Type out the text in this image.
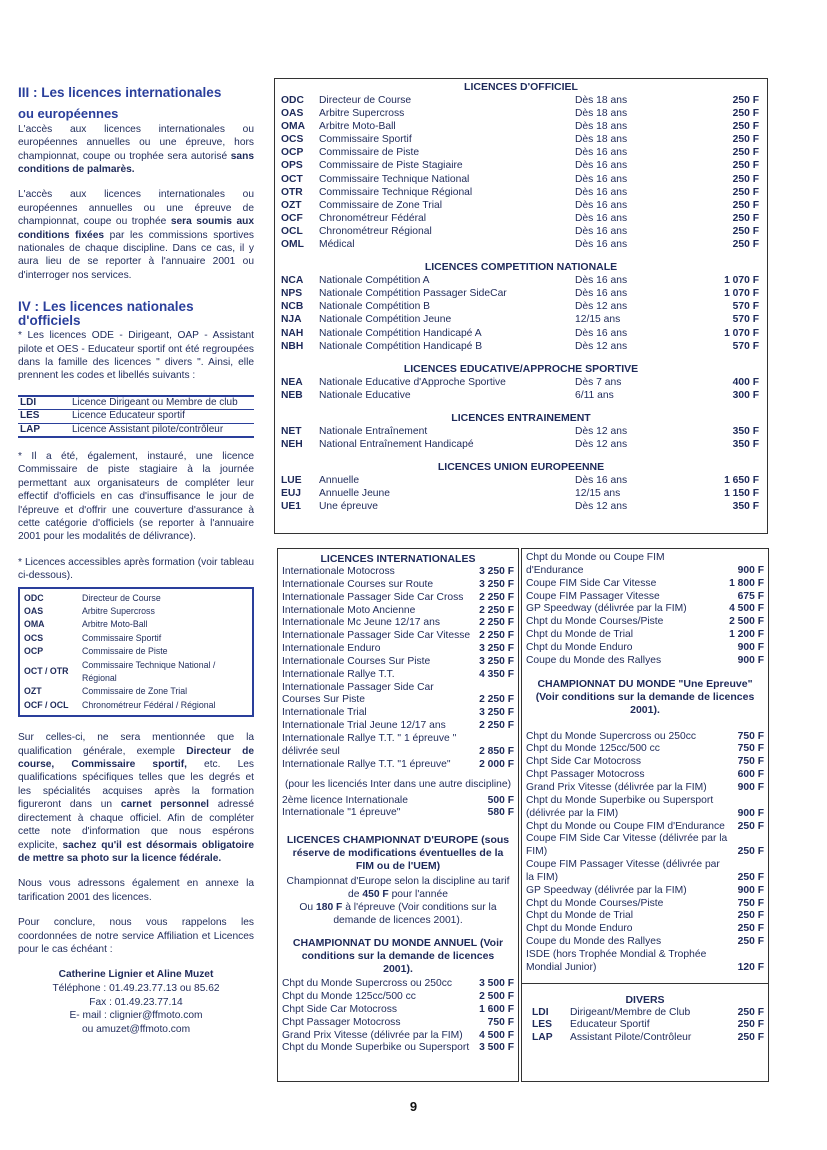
III : Les licences internationales
ou européennes

L'accès aux licences internationales ou européennes annuelles ou une épreuve, hors championnat, coupe ou trophée sera autorisé sans conditions de palmarès.

L'accès aux licences internationales ou européennes annuelles ou une épreuve de championnat, coupe ou trophée sera soumis aux conditions fixées par les commissions sportives nationales de chaque discipline. Dans ce cas, il y aura lieu de se reporter à l'annuaire 2001 ou d'interroger nos services.

IV : Les licences nationales d'officiels

* Les licences ODE - Dirigeant, OAP - Assistant pilote et OES - Educateur sportif ont été regroupées dans la famille des licences " divers ". Ainsi, elle prennent les codes et libellés suivants :

LDI	Licence Dirigeant ou Membre de club
LES	Licence Educateur sportif
LAP	Licence Assistant pilote/contrôleur

* Il a été, également, instauré, une licence Commissaire de piste stagiaire à la journée permettant aux organisateurs de compléter leur effectif d'officiels en cas d'insuffisance le jour de l'épreuve et d'offrir une couverture d'assurance à cette catégorie d'officiels (se reporter à l'annuaire 2001 pour les modalités de délivrance).

* Licences accessibles après formation (voir tableau ci-dessous).

ODC	Directeur de Course
OAS	Arbitre Supercross
OMA	Arbitre Moto-Ball
OCS	Commissaire Sportif
OCP	Commissaire de Piste
OCT / OTR	Commissaire Technique National / Régional
OZT	Commissaire de Zone Trial
OCF / OCL	Chronométreur Fédéral / Régional

Sur celles-ci, ne sera mentionnée que la qualification générale, exemple Directeur de course, Commissaire sportif, etc. Les qualifications spécifiques telles que les degrés et les spécialités acquises après la formation figureront dans un carnet personnel adressé directement à chaque officiel. Afin de compléter cette note d'information que nous espérons explicite, sachez qu'il est désormais obligatoire de mettre sa photo sur la licence fédérale.

Nous vous adressons également en annexe la tarification 2001 des licences.

Pour conclure, nous vous rappelons les coordonnées de notre service Affiliation et Licences pour le cas échéant :

Catherine Lignier et Aline Muzet
Téléphone : 01.49.23.77.13 ou 85.62
Fax : 01.49.23.77.14
E- mail : clignier@ffmoto.com
ou amuzet@ffmoto.com
LICENCES D'OFFICIEL
ODC	Directeur de Course	Dès 18 ans	250 F
OAS	Arbitre Supercross	Dès 18 ans	250 F
OMA	Arbitre Moto-Ball	Dès 18 ans	250 F
OCS	Commissaire Sportif	Dès 18 ans	250 F
OCP	Commissaire de Piste	Dès 16 ans	250 F
OPS	Commissaire de Piste Stagiaire	Dès 16 ans	250 F
OCT	Commissaire Technique National	Dès 16 ans	250 F
OTR	Commissaire Technique Régional	Dès 16 ans	250 F
OZT	Commissaire de Zone Trial	Dès 16 ans	250 F
OCF	Chronométreur Fédéral	Dès 16 ans	250 F
OCL	Chronométreur Régional	Dès 16 ans	250 F
OML	Médical	Dès 16 ans	250 F
LICENCES COMPETITION NATIONALE
NCA	Nationale Compétition A	Dès 16 ans	1 070 F
NPS	Nationale Compétition Passager SideCar	Dès 16 ans	1 070 F
NCB	Nationale Compétition B	Dès 12 ans	570 F
NJA	Nationale Compétition Jeune	12/15 ans	570 F
NAH	Nationale Compétition Handicapé A	Dès 16 ans	1 070 F
NBH	Nationale Compétition Handicapé B	Dès 12 ans	570 F
LICENCES EDUCATIVE/APPROCHE SPORTIVE
NEA	Nationale Educative d'Approche Sportive	Dès 7 ans	400 F
NEB	Nationale Educative	6/11 ans	300 F
LICENCES ENTRAINEMENT
NET	Nationale Entraînement	Dès 12 ans	350 F
NEH	National Entraînement Handicapé	Dès 12 ans	350 F
LICENCES UNION EUROPEENNE
LUE	Annuelle	Dès 16 ans	1 650 F
EUJ	Annuelle Jeune	12/15 ans	1 150 F
UE1	Une épreuve	Dès 12 ans	350 F
LICENCES INTERNATIONALES
Internationale Motocross	3 250 F
Internationale Courses sur Route	3 250 F
Internationale Passager Side Car Cross	2 250 F
Internationale Moto Ancienne	2 250 F
Internationale Mc Jeune 12/17 ans	2 250 F
Internationale Passager Side Car Vitesse	2 250 F
Internationale Enduro	3 250 F
Internationale Courses Sur Piste	3 250 F
Internationale Rallye T.T.	4 350 F
Internationale Passager Side Car	
Courses Sur Piste	2 250 F
Internationale Trial	3 250 F
Internationale Trial Jeune 12/17 ans	2 250 F
Internationale Rallye T.T. " 1 épreuve "	
délivrée seul	2 850 F
Internationale Rallye T.T. "1 épreuve"	2 000 F
(pour les licenciés Inter dans une autre discipline)
2ème licence Internationale	500 F
Internationale "1 épreuve"	580 F
LICENCES CHAMPIONNAT D'EUROPE (sous réserve de modifications éventuelles de la FIM ou de l'UEM)
Championnat d'Europe selon la discipline au tarif de 450 F pour l'année
Ou 180 F à l'épreuve (Voir conditions sur la demande de licences 2001).
CHAMPIONNAT DU MONDE ANNUEL (Voir conditions sur la demande de licences 2001).
Chpt du Monde Supercross ou 250cc	3 500 F
Chpt du Monde 125cc/500 cc	2 500 F
Chpt Side Car Motocross	1 600 F
Chpt Passager Motocross	750 F
Grand Prix Vitesse (délivrée par la FIM)	4 500 F
Chpt du Monde Superbike ou Supersport	3 500 F
Chpt du Monde ou Coupe FIM d'Endurance	900 F
Coupe FIM Side Car Vitesse	1 800 F
Coupe FIM Passager Vitesse	675 F
GP Speedway (délivrée par la FIM)	4 500 F
Chpt du Monde Courses/Piste	2 500 F
Chpt du Monde de Trial	1 200 F
Chpt du Monde Enduro	900 F
Coupe du Monde des Rallyes	900 F
CHAMPIONNAT DU MONDE "Une Epreuve" (Voir conditions sur la demande de licences 2001).
Chpt du Monde Supercross ou 250cc	750 F
Chpt du Monde 125cc/500 cc	750 F
Chpt Side Car Motocross	750 F
Chpt Passager Motocross	600 F
Grand Prix Vitesse (délivrée par la FIM)	900 F
Chpt du Monde Superbike ou Supersport (délivrée par la FIM)	900 F
Chpt du Monde ou Coupe FIM d'Endurance	250 F
Coupe FIM Side Car Vitesse (délivrée par la FIM)	250 F
Coupe FIM Passager Vitesse (délivrée par la FIM)	250 F
GP Speedway (délivrée par la FIM)	900 F
Chpt du Monde Courses/Piste	750 F
Chpt du Monde de Trial	250 F
Chpt du Monde Enduro	250 F
Coupe du Monde des Rallyes	250 F
ISDE (hors Trophée Mondial & Trophée Mondial Junior)	120 F
DIVERS
LDI	Dirigeant/Membre de Club	250 F
LES	Educateur Sportif	250 F
LAP	Assistant Pilote/Contrôleur	250 F
9
